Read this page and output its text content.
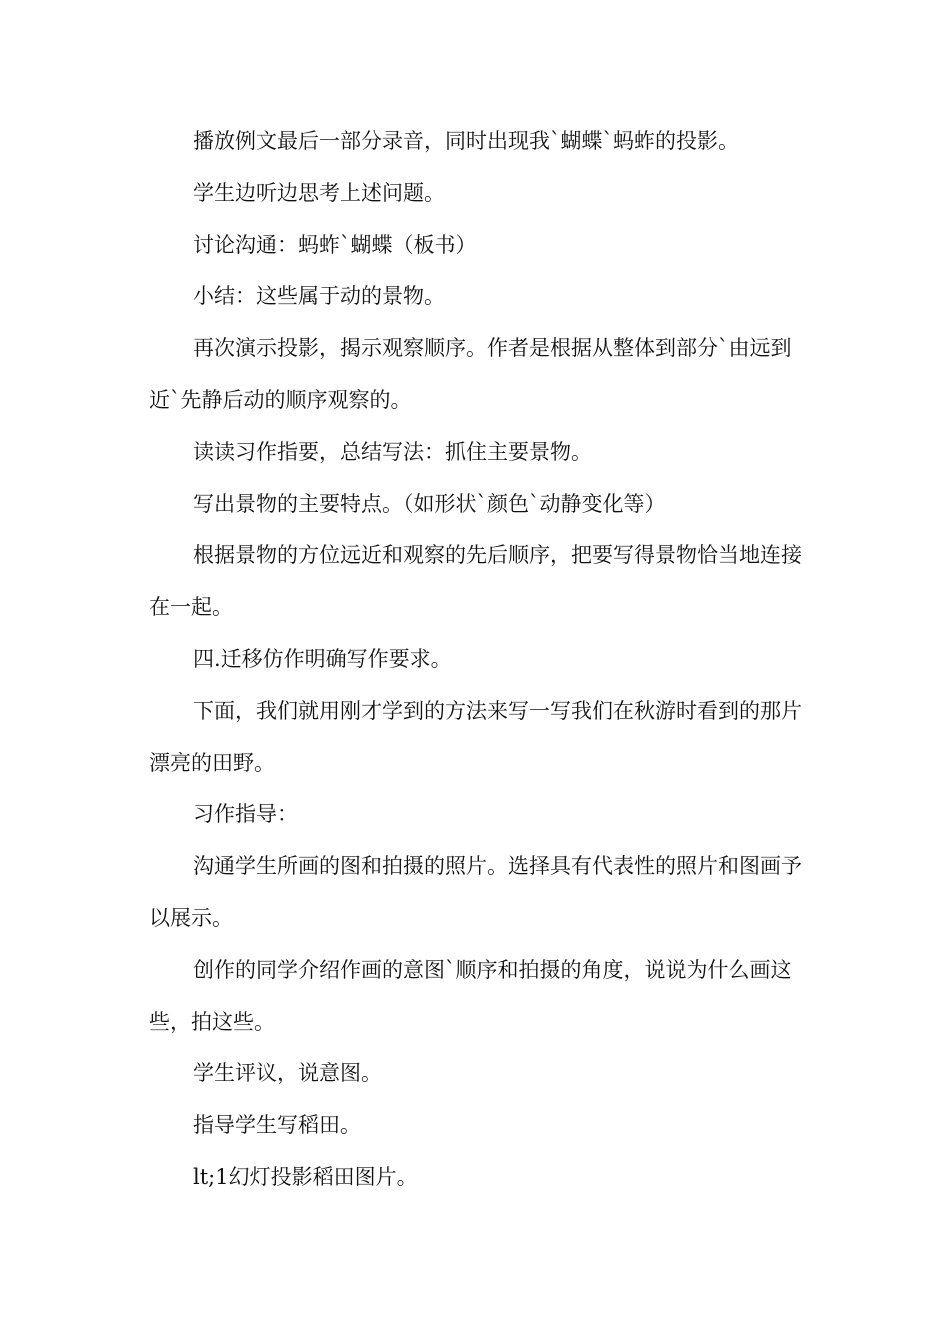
播放例文最后一部分录音，同时出现我`蝴蝶`蚂蚱的投影。

学生边听边思考上述问题。

讨论沟通：蚂蚱`蝴蝶（板书）

小结：这些属于动的景物。

再次演示投影，揭示观察顺序。作者是根据从整体到部分`由远到近`先静后动的顺序观察的。

读读习作指要，总结写法：抓住主要景物。

写出景物的主要特点。（如形状`颜色`动静变化等）

根据景物的方位远近和观察的先后顺序，把要写得景物恰当地连接在一起。

四.迁移仿作明确写作要求。

下面，我们就用刚才学到的方法来写一写我们在秋游时看到的那片漂亮的田野。

习作指导：

沟通学生所画的图和拍摄的照片。选择具有代表性的照片和图画予以展示。

创作的同学介绍作画的意图`顺序和拍摄的角度，说说为什么画这些，拍这些。

学生评议，说意图。

指导学生写稻田。

lt;1幻灯投影稻田图片。
